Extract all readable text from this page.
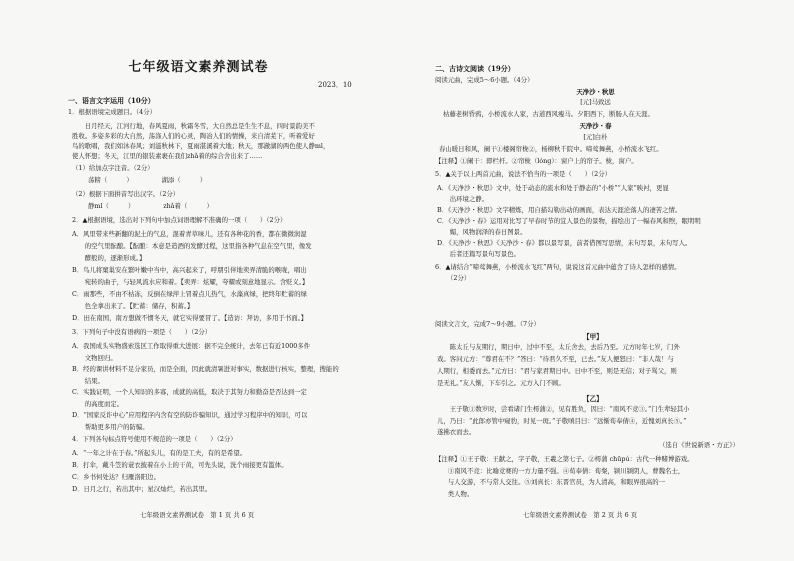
七年级语文素养测试卷
2023．10
一、语言文字运用（10分）
1．根据语境完成题目。（4分）
　　日月经天，江河行地，春风夏雨，秋霜冬雪，大自然总是生生不息，四时景韵美不
胜收。多姿多彩的大自然，荡涤人们的心灵，陶冶人们的情操，来自清芜下，听着爱好
鸟的歌唱，我们如沐春风；刘滋秋林下，夏雨湛溪着大地；秋天，那澈湖的两色使人静ml，
使人怀想；冬天，江里的银装素裹在我们zhǎ着的综合舍出来了……
（1）给加点字注音。（2分）
荡耪（　　　）　　　　　湖添（　　　）
（2）根据下面拼音写出汉字。（2分）
静ml（　　　）　　　　　zhǎ着（　　　）
2．▲根据语境，选出对下列句中加点词语理解不准确的一项（　　）（2分）
A．风里带来些新翻的泥土的气息，混着青草味儿，还有各种花的香，都在微微润湿
　　的空气里酝酿。【酝酿：本意是造酒的发酵过程，这里指各种气息在空气里，像发
　　酵般的，逐渐形成。】
B．鸟儿将窠巢安在繁叶嫩中当中，高兴起来了，呼朋引伴地卖弄清脆的喉咙，唱出
　　宛转的曲子，与轻风流水应和着。【卖弄：炫耀，夸耀或刻意地显示。含贬义。】
C．雨那些，不由不枯冻，反倒在绿萍上冒着点儿热气，水藻真绿，把终年贮蓄的绿
　　色全拿出来了。【贮蓄：储存，积蓄。】
D．田在南国，南方想做不惯冬天，就它实得要冒了。【造访：拜访，多用于书面。】
3．下列句子中没有语病的一项是（　　）（2分）
A．我国成头实物盛索选区工作取得重大进展：据不完全统计，去年已有近1000多件
　　文物回归。
B．经的课讲材料不足分家员，而是全面，因此就清暑进对事实，数据进行核实，整理，搜能的
　　结果。
C．实践证明，一个人知识的多寡，成就的高低，取决于其努力和勤奋是否达到一定
　　的高度而定。
D．“国家反诈中心”应用程序内含有空的防诈骗知识，通过学习程序中的知识，可以
　　帮助更多用户的防骗。
4．下列各句标点符号使用不规范的一项是（　　）（2分）
A．“一年之计在于春。”所起头儿，有的是工夫，有的是希望。
B．打伞，戴斗笠的蓑衣披着在小上的干黄，可先头说，洗个雨接更有滥体。
C．乡书何处达？归雁洛阳边。
D．日月之行，若出其中；星汉灿烂，若出其里。
七年级语文素养测试卷　第 1 页 共 6 页
二、古诗文阅读（19分）
阅读元曲，完成5～6小题。（4分）
天净沙・秋思
[元]马致远
枯藤老树昏鸦，小桥流水人家，古道西风瘦马。夕阳西下，断肠人在天涯。
天净沙・春
[元]白朴
春山暖日和风，阑干①楼阁帘栊②，杨柳秋千院中。啼莺舞燕，小桥流水飞红。
【注释】①阑干：即栏杆。②帘栊（lóng）：窗户上的帘子。栊，窗户。
5．▲关于以上两首元曲，说法不恰当的一项是（　　）（2分）
A．《天净沙・秋思》文中，处于动态的流水和处于静态的“小桥”“人家”映衬，更显
　　出环境之静。
B．《天净沙・秋思》文字精炼，用自描勾勒出动的画面，表达天涯沦落人的凄苦之情。
C．《天净沙・春》运用对比写了早春时节的宜人景色的景物，描绘出了一幅春风和煦，眠明明
　　媚，风物润泽的春日图景。
D．《天净沙・秋思》《天净沙・春》都以景写景，前者借图写思情，末句写景，末句写人。
　　后者还篇写景句写景色。
6．▲请结合“啼莺舞燕，小桥流水飞红”两句，说说这首元曲中蕴含了诗人怎样的感情。
（2分）
阅读文言文，完成7～9小题。（7分）
【甲】
　　陈太丘与友期行，期日中，过中不至，太丘舍去，去后乃至。元方时年七岁，门外
戏。客问元方：“尊君在不？”答曰：“待君久不至，已去。”友人便怒曰：“非人哉！与
人期行，相委而去。”元方曰：“君与家君期日中。日中不至，则是无信；对子骂父，则
是无礼。”友人惭，下车引之。元方入门不顾。
【乙】
　　王子敬①数岁时，尝看诸门生樗蒲②，见有胜负，因曰：“南风不竞③。”门生辈轻其小
儿，乃曰：“此郎亦管中窥豹，时见一斑。”子敬嗔目曰：“远惭荀奉倩④，近愧刘真长⑤。”
遂拂衣而去。
（选自《世说新语・方正》）
【注释】①王子敬：王献之，字子敬，王羲之第七子。②樗蒲 chūpú：古代一种赌博游戏。
　　③南风不竞：比喻竞赛的一方力量不强。④荀奉倩：荀粲，颍川颍阴人，曹魏名士，
　　与人交游，不与常人交往。⑤刘真长：东晋官员，为人清高，和眼界很高的一
　　类人物。
七年级语文素养测试卷　第 2 页 共 6 页
